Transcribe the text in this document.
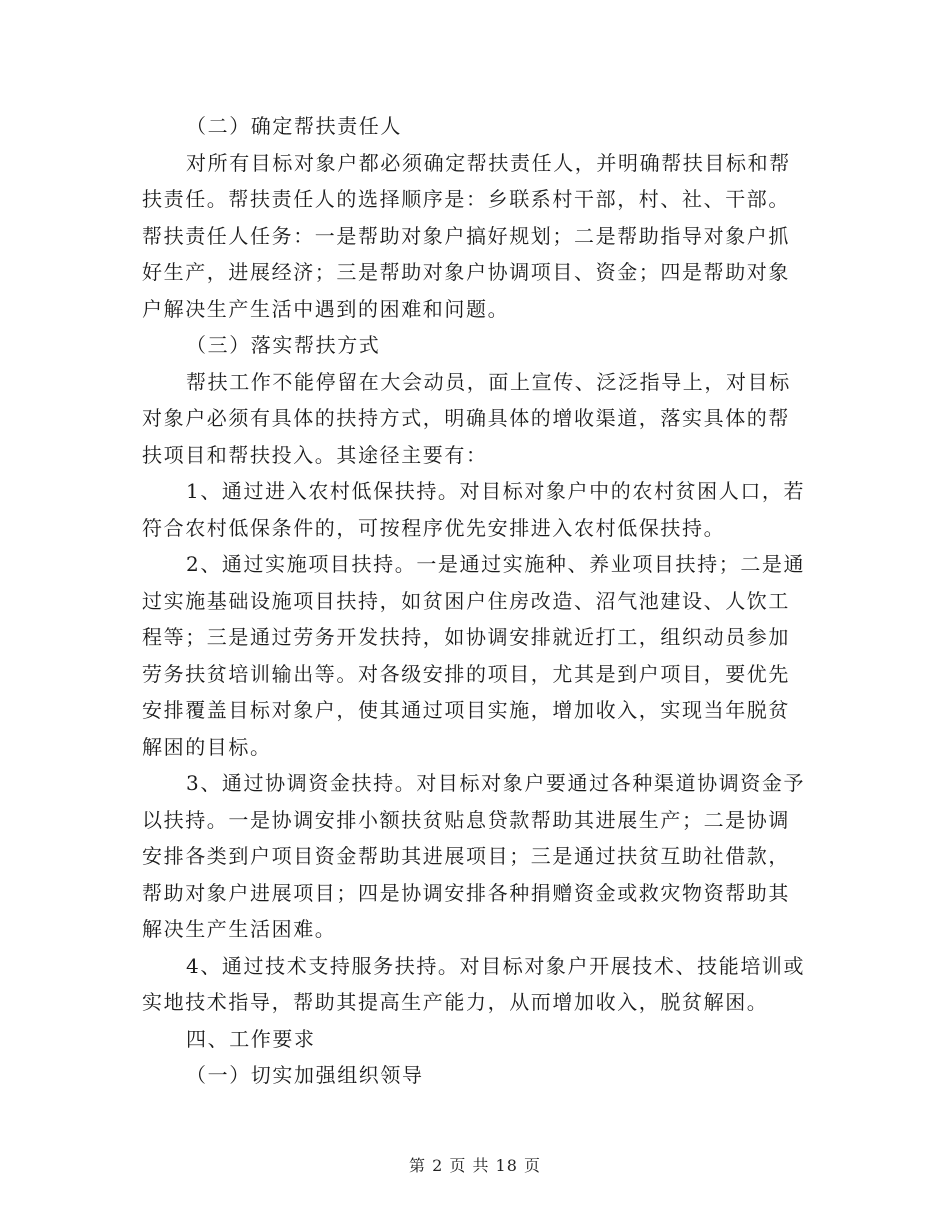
（二）确定帮扶责任人
对所有目标对象户都必须确定帮扶责任人，并明确帮扶目标和帮
扶责任。帮扶责任人的选择顺序是：乡联系村干部，村、社、干部。
帮扶责任人任务：一是帮助对象户搞好规划；二是帮助指导对象户抓
好生产，进展经济；三是帮助对象户协调项目、资金；四是帮助对象
户解决生产生活中遇到的困难和问题。
（三）落实帮扶方式
帮扶工作不能停留在大会动员，面上宣传、泛泛指导上，对目标
对象户必须有具体的扶持方式，明确具体的增收渠道，落实具体的帮
扶项目和帮扶投入。其途径主要有：
1、通过进入农村低保扶持。对目标对象户中的农村贫困人口，若
符合农村低保条件的，可按程序优先安排进入农村低保扶持。
2、通过实施项目扶持。一是通过实施种、养业项目扶持；二是通
过实施基础设施项目扶持，如贫困户住房改造、沼气池建设、人饮工
程等；三是通过劳务开发扶持，如协调安排就近打工，组织动员参加
劳务扶贫培训输出等。对各级安排的项目，尤其是到户项目，要优先
安排覆盖目标对象户，使其通过项目实施，增加收入，实现当年脱贫
解困的目标。
3、通过协调资金扶持。对目标对象户要通过各种渠道协调资金予
以扶持。一是协调安排小额扶贫贴息贷款帮助其进展生产；二是协调
安排各类到户项目资金帮助其进展项目；三是通过扶贫互助社借款，
帮助对象户进展项目；四是协调安排各种捐赠资金或救灾物资帮助其
解决生产生活困难。
4、通过技术支持服务扶持。对目标对象户开展技术、技能培训或
实地技术指导，帮助其提高生产能力，从而增加收入，脱贫解困。
四、工作要求
（一）切实加强组织领导
第 2 页 共 18 页
